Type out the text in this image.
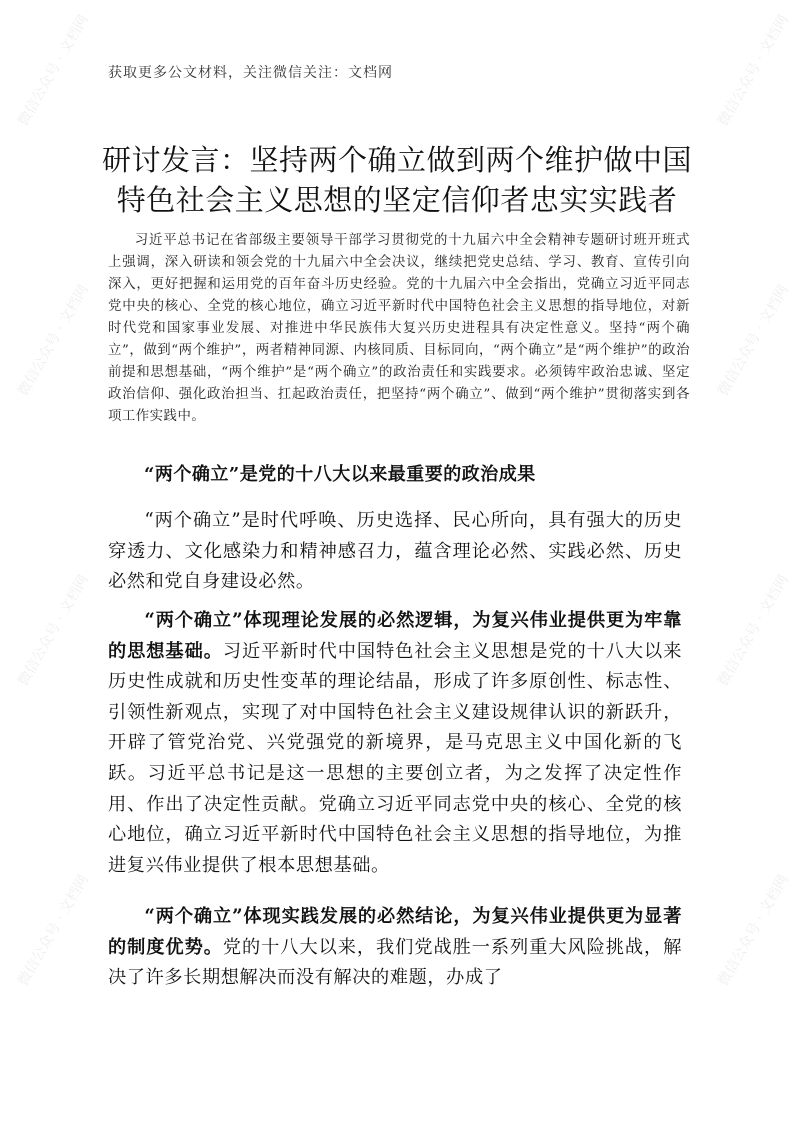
微信公众号 · 文档网	微信公众号 · 文档网
微信公众号 · 文档网	微信公众号 · 文档网
微信公众号 · 文档网	微信公众号 · 文档网
微信公众号 · 文档网	微信公众号 · 文档网
获取更多公文材料，关注微信关注：文档网
研讨发言：坚持两个确立做到两个维护做中国
特色社会主义思想的坚定信仰者忠实实践者

习近平总书记在省部级主要领导干部学习贯彻党的十九届六中全会精神专题研讨班开班式上强调，深入研读和领会党的十九届六中全会决议，继续把党史总结、学习、教育、宣传引向深入，更好把握和运用党的百年奋斗历史经验。党的十九届六中全会指出，党确立习近平同志党中央的核心、全党的核心地位，确立习近平新时代中国特色社会主义思想的指导地位，对新时代党和国家事业发展、对推进中华民族伟大复兴历史进程具有决定性意义。坚持“两个确立”，做到“两个维护”，两者精神同源、内核同质、目标同向，“两个确立”是“两个维护”的政治前提和思想基础，“两个维护”是“两个确立”的政治责任和实践要求。必须铸牢政治忠诚、坚定政治信仰、强化政治担当、扛起政治责任，把坚持“两个确立”、做到“两个维护”贯彻落实到各项工作实践中。

“两个确立”是党的十八大以来最重要的政治成果

“两个确立”是时代呼唤、历史选择、民心所向，具有强大的历史穿透力、文化感染力和精神感召力，蕴含理论必然、实践必然、历史必然和党自身建设必然。

“两个确立”体现理论发展的必然逻辑，为复兴伟业提供更为牢靠的思想基础。习近平新时代中国特色社会主义思想是党的十八大以来历史性成就和历史性变革的理论结晶，形成了许多原创性、标志性、引领性新观点，实现了对中国特色社会主义建设规律认识的新跃升，开辟了管党治党、兴党强党的新境界，是马克思主义中国化新的飞跃。习近平总书记是这一思想的主要创立者，为之发挥了决定性作用、作出了决定性贡献。党确立习近平同志党中央的核心、全党的核心地位，确立习近平新时代中国特色社会主义思想的指导地位，为推进复兴伟业提供了根本思想基础。

“两个确立”体现实践发展的必然结论，为复兴伟业提供更为显著的制度优势。党的十八大以来，我们党战胜一系列重大风险挑战，解决了许多长期想解决而没有解决的难题，办成了
